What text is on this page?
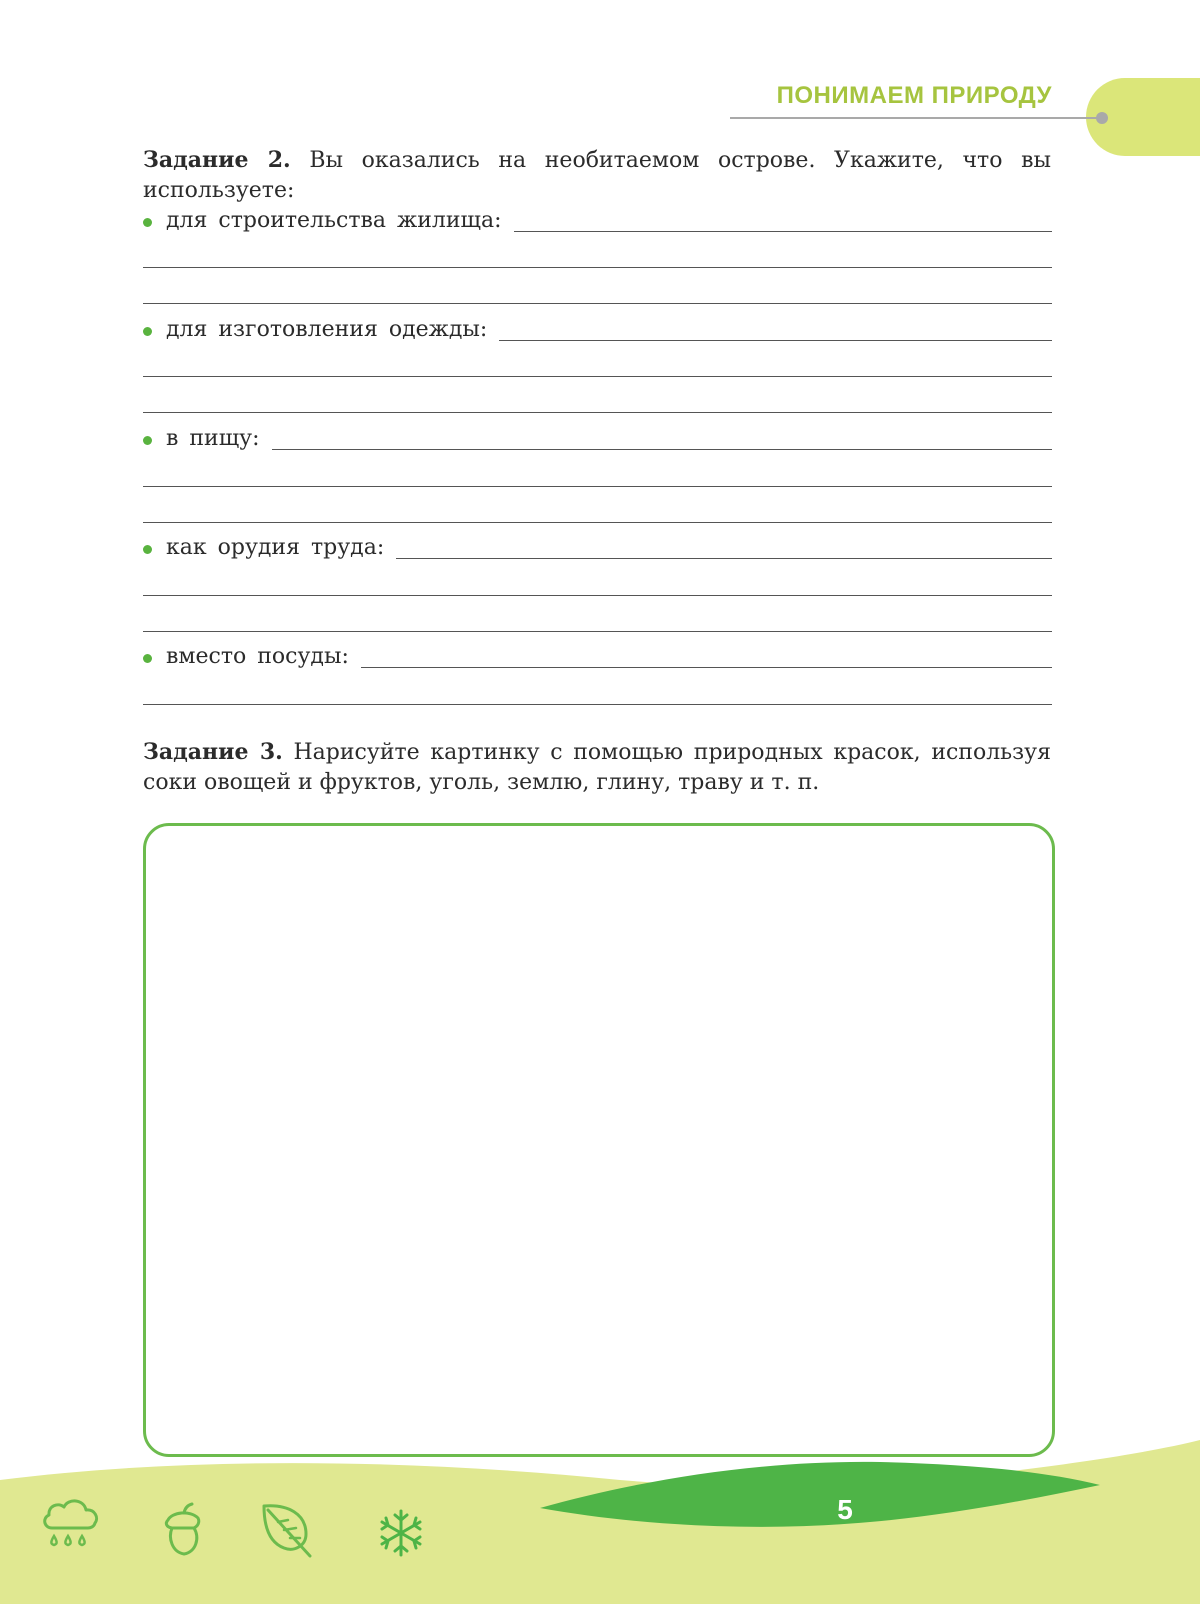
ПОНИМАЕМ ПРИРОДУ
Задание 2. Вы оказались на необитаемом острове. Укажите, что вы используете:
для строительства жилища:
для изготовления одежды:
в пищу:
как орудия труда:
вместо посуды:
Задание 3. Нарисуйте картинку с помощью природных красок, используя соки овощей и фруктов, уголь, землю, глину, траву и т. п.
5
